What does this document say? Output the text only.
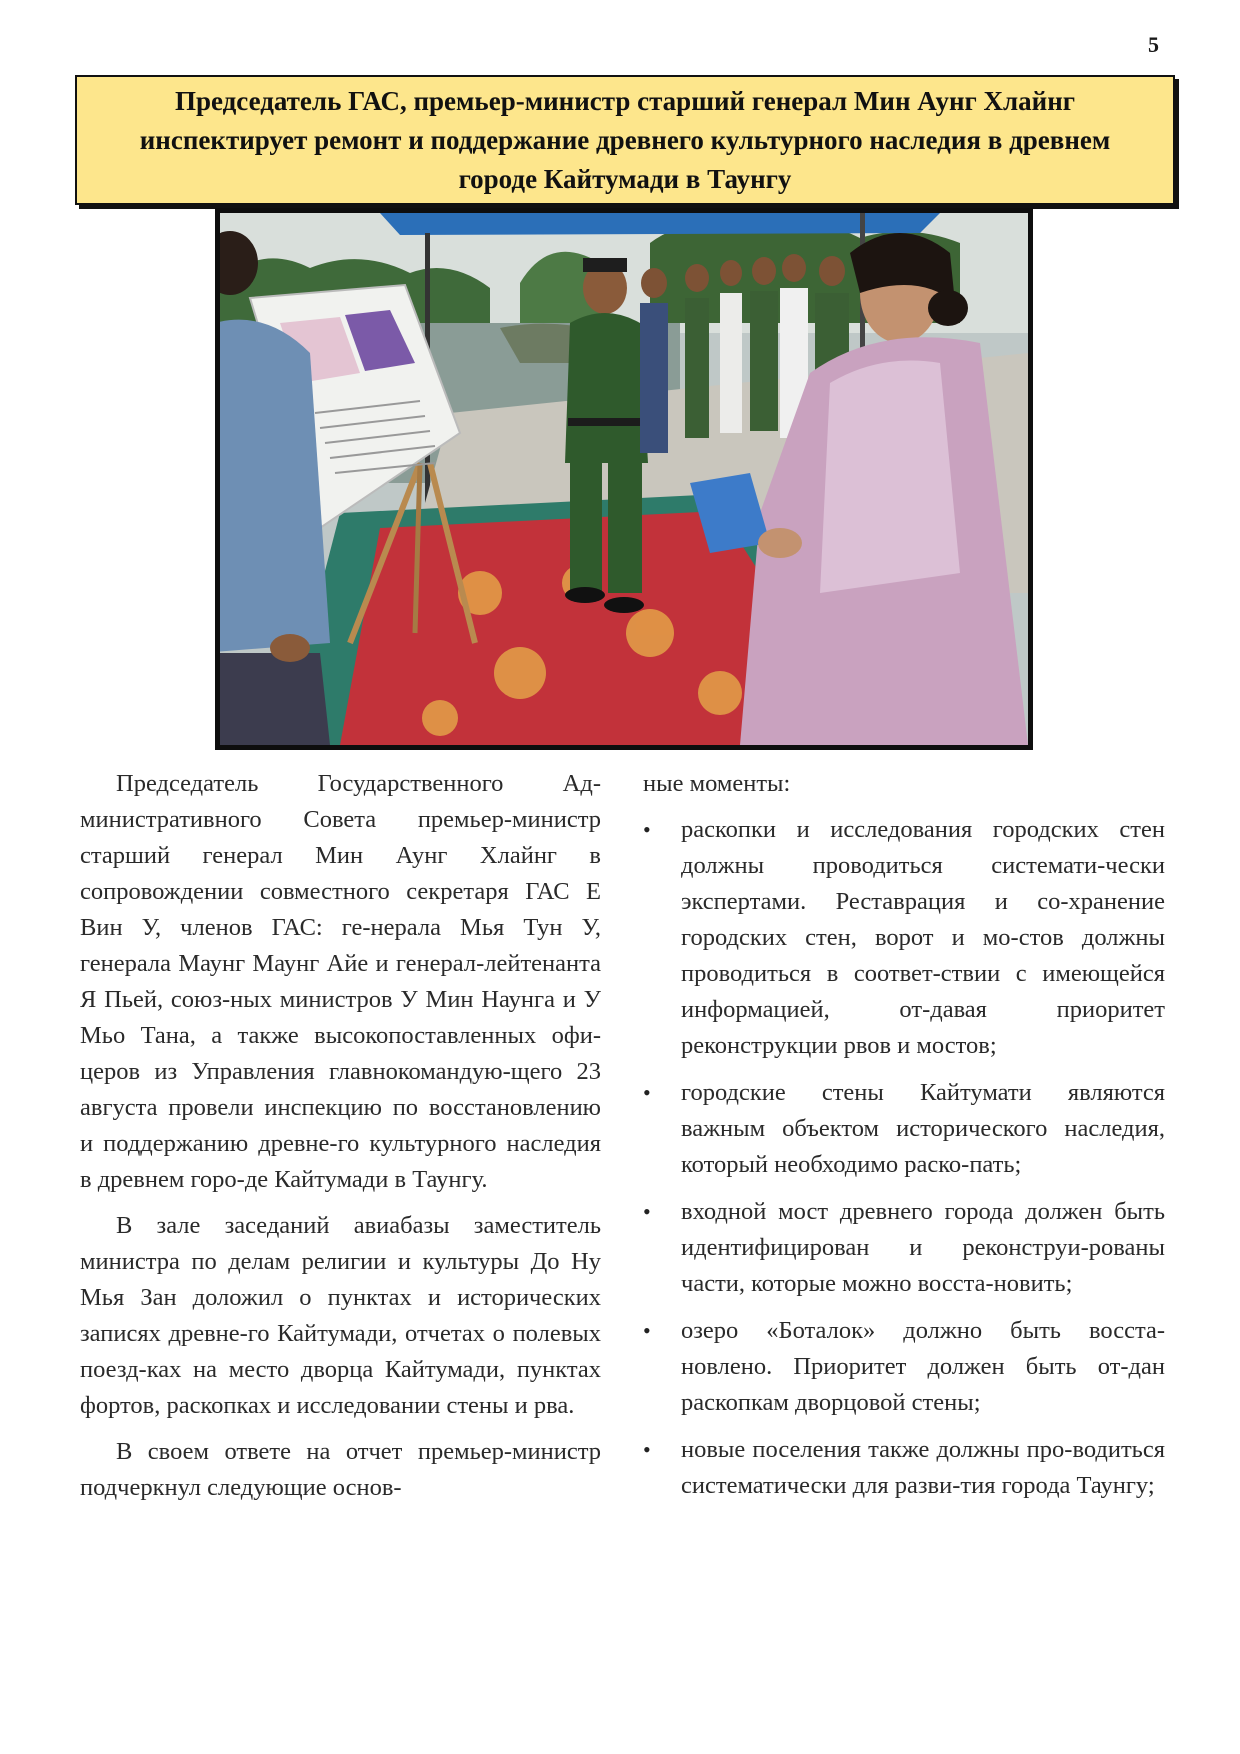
5
Председатель ГАС, премьер-министр старший генерал Мин Аунг Хлайнг инспектирует ремонт и поддержание древнего культурного наследия в древнем городе Кайтумади в Таунгу

Председатель Государственного Ад-министративного Совета премьер-министр старший генерал Мин Аунг Хлайнг в сопровождении совместного секретаря ГАС Е Вин У, членов ГАС: ге-нерала Мья Тун У, генерала Маунг Маунг Айе и генерал-лейтенанта Я Пьей, союз-ных министров У Мин Наунга и У Мьо Тана, а также высокопоставленных офи-церов из Управления главнокомандую-щего 23 августа провели инспекцию по восстановлению и поддержанию древне-го культурного наследия в древнем горо-де Кайтумади в Таунгу.

В зале заседаний авиабазы заместитель министра по делам религии и культуры До Ну Мья Зан доложил о пунктах и исторических записях древне-го Кайтумади, отчетах о полевых поезд-ках на место дворца Кайтумади, пунктах фортов, раскопках и исследовании стены и рва.

В своем ответе на отчет премьер-министр подчеркнул следующие основ-

ные моменты:

• раскопки и исследования городских стен должны проводиться системати-чески экспертами. Реставрация и со-хранение городских стен, ворот и мо-стов должны проводиться в соответ-ствии с имеющейся информацией, от-давая приоритет реконструкции рвов и мостов;
• городские стены Кайтумати являются важным объектом исторического наследия, который необходимо раско-пать;
• входной мост древнего города должен быть идентифицирован и реконструи-рованы части, которые можно восста-новить;
• озеро «Боталок» должно быть восста-новлено. Приоритет должен быть от-дан раскопкам дворцовой стены;
• новые поселения также должны про-водиться систематически для разви-тия города Таунгу;
